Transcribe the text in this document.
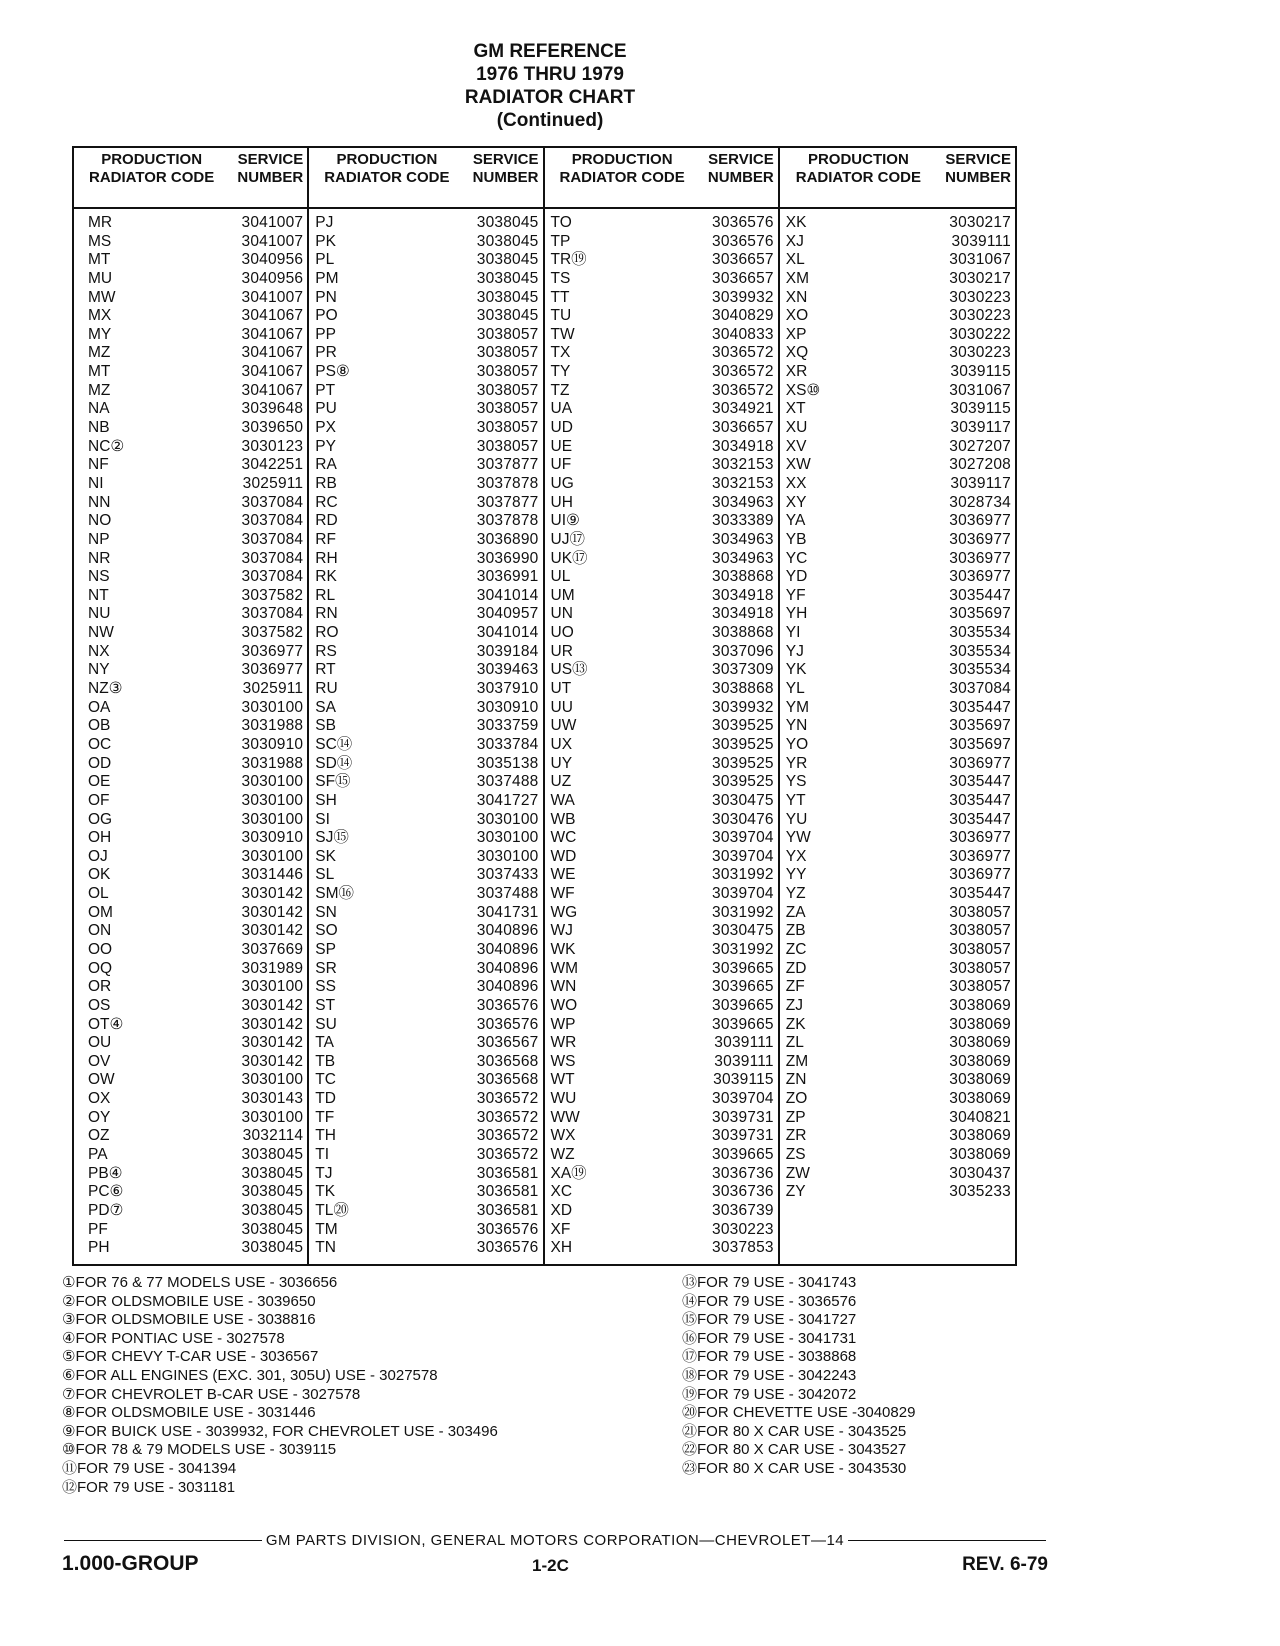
GM REFERENCE
1976 THRU 1979
RADIATOR CHART
(Continued)
PRODUCTION RADIATOR CODE
SERVICE NUMBER
MR	3041007
MS	3041007
MT	3040956
MU	3040956
MW	3041007
MX	3041067
MY	3041067
MZ	3041067
MT	3041067
MZ	3041067
NA	3039648
NB	3039650
NC②	3030123
NF	3042251
NI	3025911
NN	3037084
NO	3037084
NP	3037084
NR	3037084
NS	3037084
NT	3037582
NU	3037084
NW	3037582
NX	3036977
NY	3036977
NZ③	3025911
OA	3030100
OB	3031988
OC	3030910
OD	3031988
OE	3030100
OF	3030100
OG	3030100
OH	3030910
OJ	3030100
OK	3031446
OL	3030142
OM	3030142
ON	3030142
OO	3037669
OQ	3031989
OR	3030100
OS	3030142
OT④	3030142
OU	3030142
OV	3030142
OW	3030100
OX	3030143
OY	3030100
OZ	3032114
PA	3038045
PB④	3038045
PC⑥	3038045
PD⑦	3038045
PF	3038045
PH	3038045
PRODUCTION RADIATOR CODE
SERVICE NUMBER
PJ	3038045
PK	3038045
PL	3038045
PM	3038045
PN	3038045
PO	3038045
PP	3038057
PR	3038057
PS⑧	3038057
PT	3038057
PU	3038057
PX	3038057
PY	3038057
RA	3037877
RB	3037878
RC	3037877
RD	3037878
RF	3036890
RH	3036990
RK	3036991
RL	3041014
RN	3040957
RO	3041014
RS	3039184
RT	3039463
RU	3037910
SA	3030910
SB	3033759
SC⑭	3033784
SD⑭	3035138
SF⑮	3037488
SH	3041727
SI	3030100
SJ⑮	3030100
SK	3030100
SL	3037433
SM⑯	3037488
SN	3041731
SO	3040896
SP	3040896
SR	3040896
SS	3040896
ST	3036576
SU	3036576
TA	3036567
TB	3036568
TC	3036568
TD	3036572
TF	3036572
TH	3036572
TI	3036572
TJ	3036581
TK	3036581
TL⑳	3036581
TM	3036576
TN	3036576
PRODUCTION RADIATOR CODE
SERVICE NUMBER
TO	3036576
TP	3036576
TR⑲	3036657
TS	3036657
TT	3039932
TU	3040829
TW	3040833
TX	3036572
TY	3036572
TZ	3036572
UA	3034921
UD	3036657
UE	3034918
UF	3032153
UG	3032153
UH	3034963
UI⑨	3033389
UJ⑰	3034963
UK⑰	3034963
UL	3038868
UM	3034918
UN	3034918
UO	3038868
UR	3037096
US⑬	3037309
UT	3038868
UU	3039932
UW	3039525
UX	3039525
UY	3039525
UZ	3039525
WA	3030475
WB	3030476
WC	3039704
WD	3039704
WE	3031992
WF	3039704
WG	3031992
WJ	3030475
WK	3031992
WM	3039665
WN	3039665
WO	3039665
WP	3039665
WR	3039111
WS	3039111
WT	3039115
WU	3039704
WW	3039731
WX	3039731
WZ	3039665
XA⑲	3036736
XC	3036736
XD	3036739
XF	3030223
XH	3037853
PRODUCTION RADIATOR CODE
SERVICE NUMBER
XK	3030217
XJ	3039111
XL	3031067
XM	3030217
XN	3030223
XO	3030223
XP	3030222
XQ	3030223
XR	3039115
XS⑩	3031067
XT	3039115
XU	3039117
XV	3027207
XW	3027208
XX	3039117
XY	3028734
YA	3036977
YB	3036977
YC	3036977
YD	3036977
YF	3035447
YH	3035697
YI	3035534
YJ	3035534
YK	3035534
YL	3037084
YM	3035447
YN	3035697
YO	3035697
YR	3036977
YS	3035447
YT	3035447
YU	3035447
YW	3036977
YX	3036977
YY	3036977
YZ	3035447
ZA	3038057
ZB	3038057
ZC	3038057
ZD	3038057
ZF	3038057
ZJ	3038069
ZK	3038069
ZL	3038069
ZM	3038069
ZN	3038069
ZO	3038069
ZP	3040821
ZR	3038069
ZS	3038069
ZW	3030437
ZY	3035233
①FOR 76 & 77 MODELS USE - 3036656
②FOR OLDSMOBILE USE - 3039650
③FOR OLDSMOBILE USE - 3038816
④FOR PONTIAC USE - 3027578
⑤FOR CHEVY T-CAR USE - 3036567
⑥FOR ALL ENGINES (EXC. 301, 305U) USE - 3027578
⑦FOR CHEVROLET B-CAR USE - 3027578
⑧FOR OLDSMOBILE USE - 3031446
⑨FOR BUICK USE - 3039932, FOR CHEVROLET USE - 303496
⑩FOR 78 & 79 MODELS USE - 3039115
⑪FOR 79 USE - 3041394
⑫FOR 79 USE - 3031181
⑬FOR 79 USE - 3041743
⑭FOR 79 USE - 3036576
⑮FOR 79 USE - 3041727
⑯FOR 79 USE - 3041731
⑰FOR 79 USE - 3038868
⑱FOR 79 USE - 3042243
⑲FOR 79 USE - 3042072
⑳FOR CHEVETTE USE -3040829
㉑FOR 80 X CAR USE - 3043525
㉒FOR 80 X CAR USE - 3043527
㉓FOR 80 X CAR USE - 3043530
GM PARTS DIVISION, GENERAL MOTORS CORPORATION—CHEVROLET—14
1.000-GROUP	1-2C	REV. 6-79
